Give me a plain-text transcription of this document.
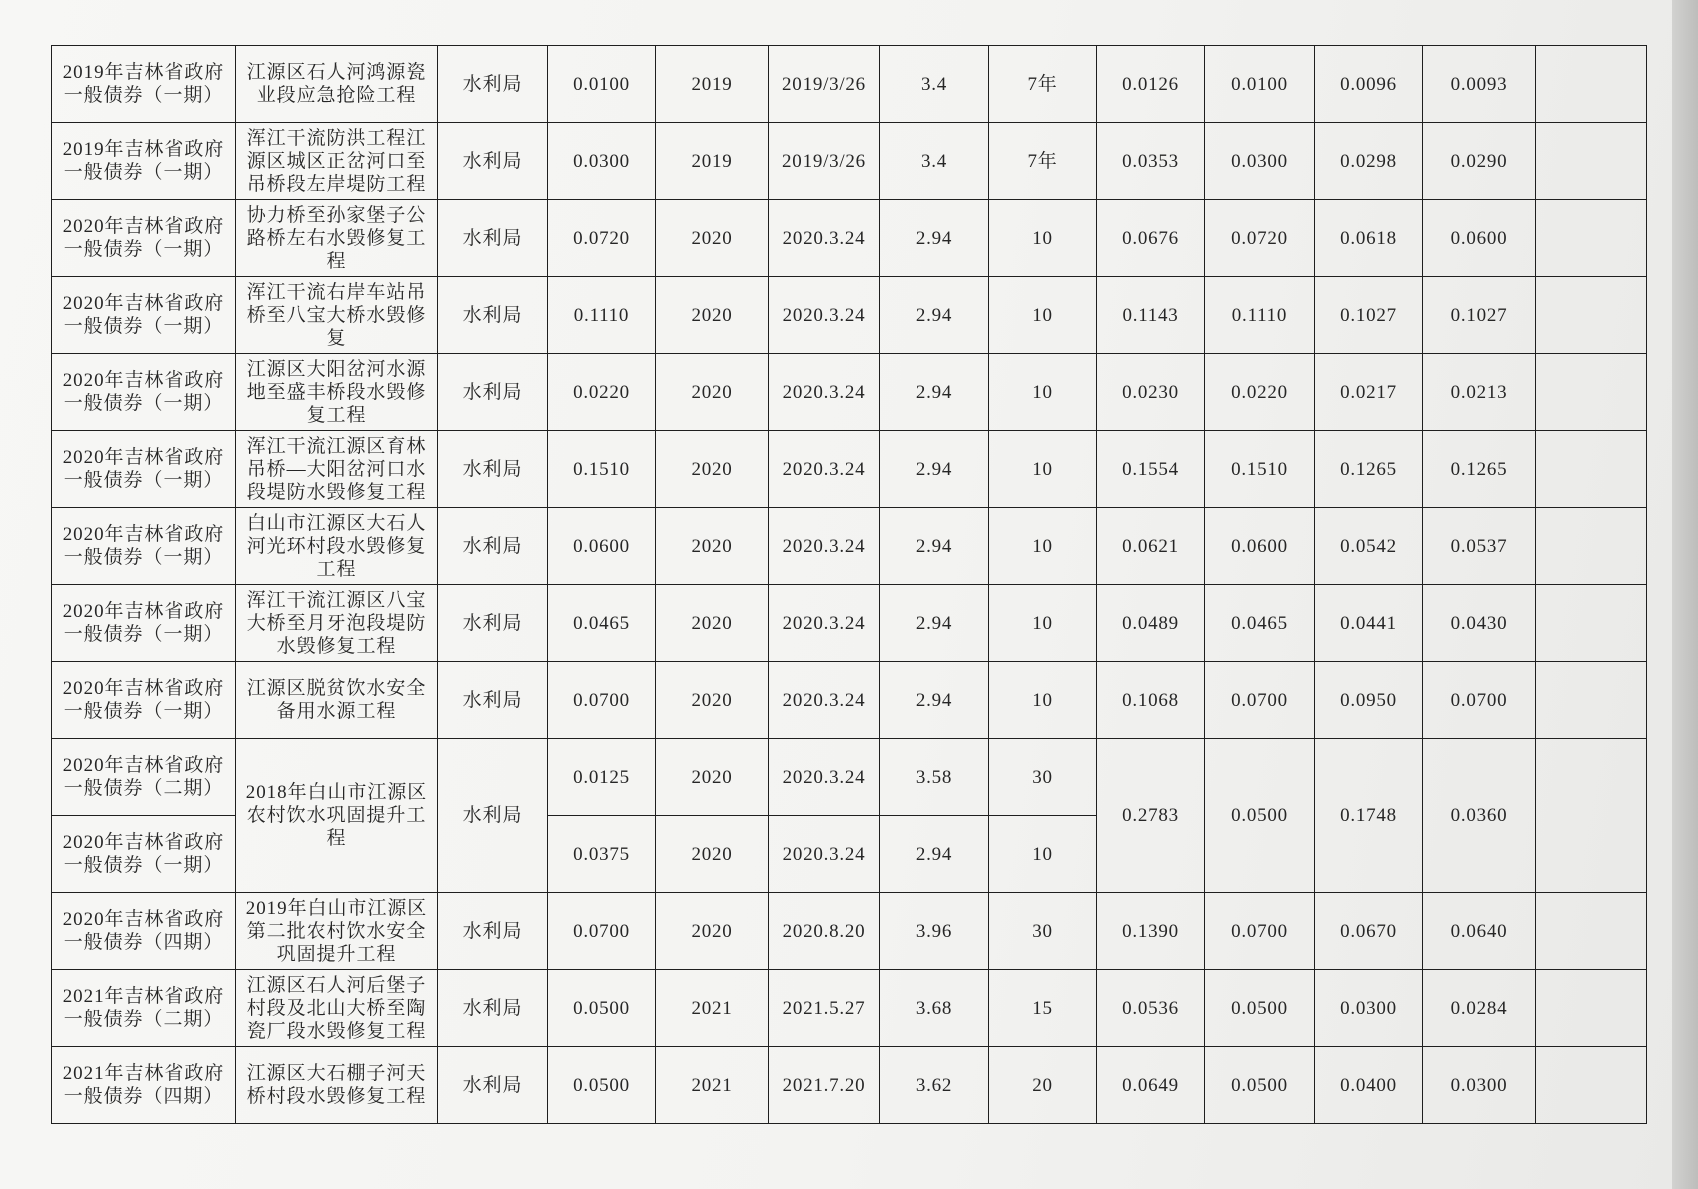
2019年吉林省政府一般债券（一期）	江源区石人河鸿源瓷业段应急抢险工程	水利局	0.0100	2019	2019/3/26	3.4	7年	0.0126	0.0100	0.0096	0.0093	

2019年吉林省政府一般债券（一期）	浑江干流防洪工程江源区城区正岔河口至吊桥段左岸堤防工程	水利局	0.0300	2019	2019/3/26	3.4	7年	0.0353	0.0300	0.0298	0.0290	

2020年吉林省政府一般债券（一期）	协力桥至孙家堡子公路桥左右水毁修复工程	水利局	0.0720	2020	2020.3.24	2.94	10	0.0676	0.0720	0.0618	0.0600	

2020年吉林省政府一般债券（一期）	浑江干流右岸车站吊桥至八宝大桥水毁修复	水利局	0.1110	2020	2020.3.24	2.94	10	0.1143	0.1110	0.1027	0.1027	

2020年吉林省政府一般债券（一期）	江源区大阳岔河水源地至盛丰桥段水毁修复工程	水利局	0.0220	2020	2020.3.24	2.94	10	0.0230	0.0220	0.0217	0.0213	

2020年吉林省政府一般债券（一期）	浑江干流江源区育林吊桥—大阳岔河口水段堤防水毁修复工程	水利局	0.1510	2020	2020.3.24	2.94	10	0.1554	0.1510	0.1265	0.1265	

2020年吉林省政府一般债券（一期）	白山市江源区大石人河光环村段水毁修复工程	水利局	0.0600	2020	2020.3.24	2.94	10	0.0621	0.0600	0.0542	0.0537	

2020年吉林省政府一般债券（一期）	浑江干流江源区八宝大桥至月牙泡段堤防水毁修复工程	水利局	0.0465	2020	2020.3.24	2.94	10	0.0489	0.0465	0.0441	0.0430	

2020年吉林省政府一般债券（一期）	江源区脱贫饮水安全备用水源工程	水利局	0.0700	2020	2020.3.24	2.94	10	0.1068	0.0700	0.0950	0.0700	

2020年吉林省政府一般债券（二期）	2018年白山市江源区农村饮水巩固提升工程	水利局	0.0125	2020	2020.3.24	3.58	30	0.2783	0.0500	0.1748	0.0360	

2020年吉林省政府一般债券（一期）			0.0375	2020	2020.3.24	2.94	10					

2020年吉林省政府一般债券（四期）	2019年白山市江源区第二批农村饮水安全巩固提升工程	水利局	0.0700	2020	2020.8.20	3.96	30	0.1390	0.0700	0.0670	0.0640	

2021年吉林省政府一般债券（二期）	江源区石人河后堡子村段及北山大桥至陶瓷厂段水毁修复工程	水利局	0.0500	2021	2021.5.27	3.68	15	0.0536	0.0500	0.0300	0.0284	

2021年吉林省政府一般债券（四期）	江源区大石棚子河天桥村段水毁修复工程	水利局	0.0500	2021	2021.7.20	3.62	20	0.0649	0.0500	0.0400	0.0300	
